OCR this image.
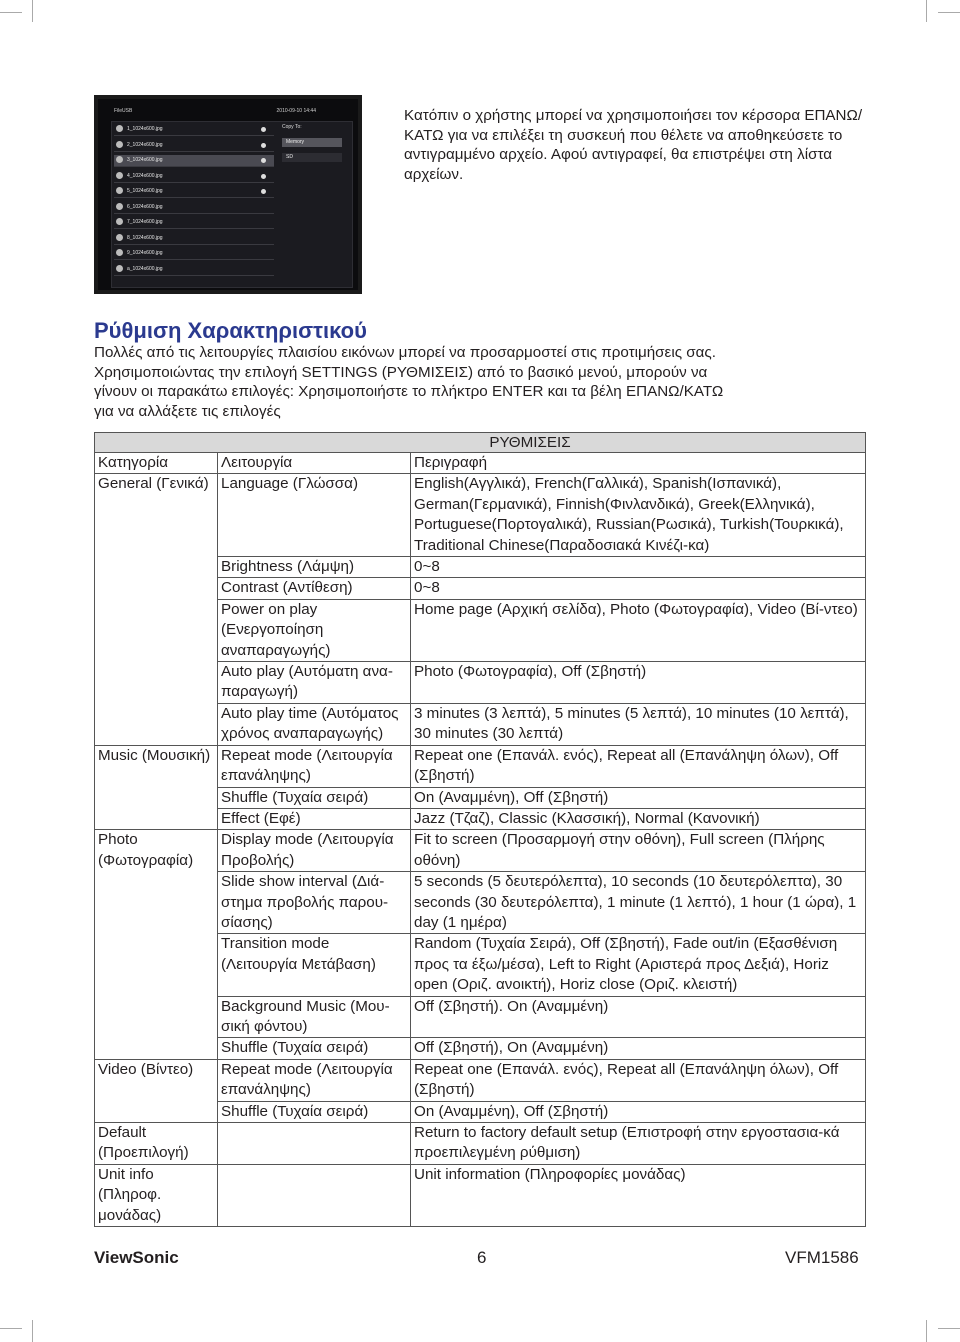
FileUSB	2010-09-10 14:44
1_1024x600.jpg
2_1024x600.jpg
3_1024x600.jpg
4_1024x600.jpg
5_1024x600.jpg
6_1024x600.jpg
7_1024x600.jpg
8_1024x600.jpg
9_1024x600.jpg
a_1024x600.jpg
Copy To:
Memory
SD
Κατόπιν ο χρήστης μπορεί να χρησιμοποιήσει τον κέρσορα ΕΠΑΝΩ/ΚΑΤΩ για να επιλέξει τη συσκευή που θέλετε να αποθηκεύσετε το αντιγραμμένο αρχείο. Αφού αντιγραφεί, θα επιστρέψει στη λίστα αρχείων.
Ρύθμιση Χαρακτηριστικού
Πολλές από τις λειτουργίες πλαισίου εικόνων μπορεί να προσαρμοστεί στις προτιμήσεις σας.
Χρησιμοποιώντας την επιλογή SETTINGS (ΡΥΘΜΙΣΕΙΣ) από το βασικό μενού, μπορούν να
γίνουν οι παρακάτω επιλογές: Χρησιμοποιήστε το πλήκτρο ENTER και τα βέλη ΕΠΑΝΩ/ΚΑΤΩ
για να αλλάξετε τις επιλογές
ΡΥΘΜΙΣΕΙΣ		
Κατηγορία	Λειτουργία	Περιγραφή
General (Γενικά)	Language (Γλώσσα)	English(Αγγλικά), French(Γαλλικά), Spanish(Ισπανικά), German(Γερμανικά), Finnish(Φινλανδικά), Greek(Ελληνικά), Portuguese(Πορτογαλικά), Russian(Ρωσικά), Turkish(Τουρκικά), Traditional Chinese(Παραδοσιακά Κινέζι-κα)
	Brightness (Λάμψη)	0~8
	Contrast (Αντίθεση)	0~8
	Power on play (Ενεργοποίηση αναπαραγωγής)	Home page (Αρχική σελίδα), Photo (Φωτογραφία), Video (Βί-ντεο)
	Auto play (Αυτόματη ανα-παραγωγή)	Photo (Φωτογραφία), Off (Σβηστή)
	Auto play time (Αυτόματος χρόνος αναπαραγωγής)	3 minutes (3 λεπτά), 5 minutes (5 λεπτά), 10 minutes (10 λεπτά), 30 minutes (30 λεπτά)
Music (Μουσική)	Repeat mode (Λειτουργία επανάληψης)	Repeat one (Επανάλ. ενός), Repeat all (Επανάληψη όλων), Off (Σβηστή)
	Shuffle (Τυχαία σειρά)	On (Αναμμένη), Off (Σβηστή)
	Effect (Εφέ)	Jazz (Τζαζ), Classic (Κλασσική), Normal (Κανονική)
Photo (Φωτογραφία)	Display mode (Λειτουργία Προβολής)	Fit to screen (Προσαρμογή στην οθόνη), Full screen (Πλήρης οθόνη)
	Slide show interval (Διά-στημα προβολής παρου-σίασης)	5 seconds (5 δευτερόλεπτα), 10 seconds (10 δευτερόλεπτα), 30 seconds (30 δευτερόλεπτα), 1 minute (1 λεπτό), 1 hour (1 ώρα), 1 day (1 ημέρα)
	Transition mode (Λειτουργία Μετάβαση)	Random (Τυχαία Σειρά), Off (Σβηστή), Fade out/in (Εξασθένιση προς τα έξω/μέσα), Left to Right (Αριστερά προς Δεξιά), Horiz open (Οριζ. ανοικτή), Horiz close (Οριζ. κλειστή)
	Background Music (Μου-σική φόντου)	Off (Σβηστή). On (Αναμμένη)
	Shuffle (Τυχαία σειρά)	Off (Σβηστή), On (Αναμμένη)
Video (Βίντεο)	Repeat mode (Λειτουργία επανάληψης)	Repeat one (Επανάλ. ενός), Repeat all (Επανάληψη όλων), Off (Σβηστή)
	Shuffle (Τυχαία σειρά)	On (Αναμμένη), Off (Σβηστή)
Default (Προεπιλογή)		Return to factory default setup (Επιστροφή στην εργοστασια-κά προεπιλεγμένη ρύθμιση)
Unit info (Πληροφ. μονάδας)		Unit information (Πληροφορίες μονάδας)
ViewSonic	6	VFM1586
